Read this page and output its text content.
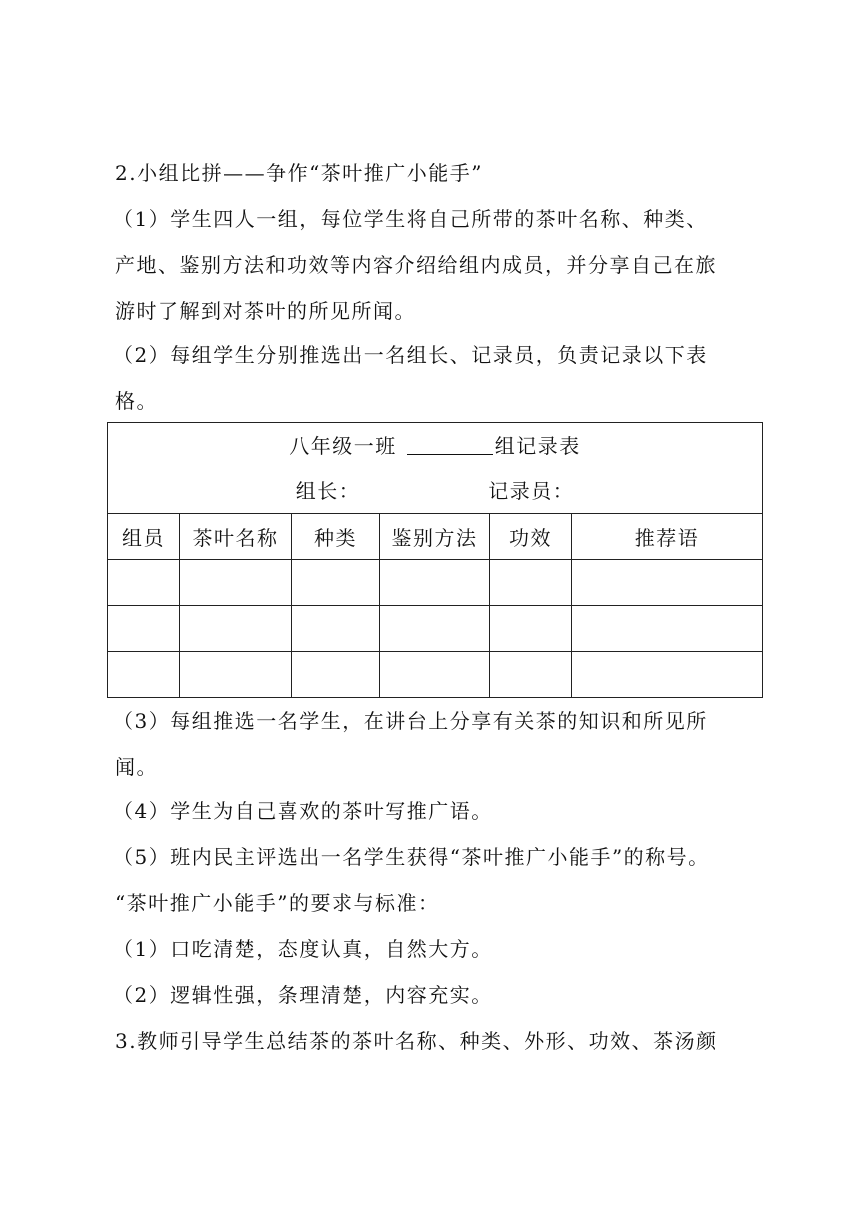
2.小组比拼——争作“茶叶推广小能手”
（1）学生四人一组，每位学生将自己所带的茶叶名称、种类、
产地、鉴别方法和功效等内容介绍给组内成员，并分享自己在旅
游时了解到对茶叶的所见所闻。
（2）每组学生分别推选出一名组长、记录员，负责记录以下表
格。
八年级一班 组记录表
组长： 记录员：					

组员	茶叶名称	种类	鉴别方法	功效	推荐语

（3）每组推选一名学生，在讲台上分享有关茶的知识和所见所
闻。
（4）学生为自己喜欢的茶叶写推广语。
（5）班内民主评选出一名学生获得“茶叶推广小能手”的称号。
“茶叶推广小能手”的要求与标准：
（1）口吃清楚，态度认真，自然大方。
（2）逻辑性强，条理清楚，内容充实。
3.教师引导学生总结茶的茶叶名称、种类、外形、功效、茶汤颜
